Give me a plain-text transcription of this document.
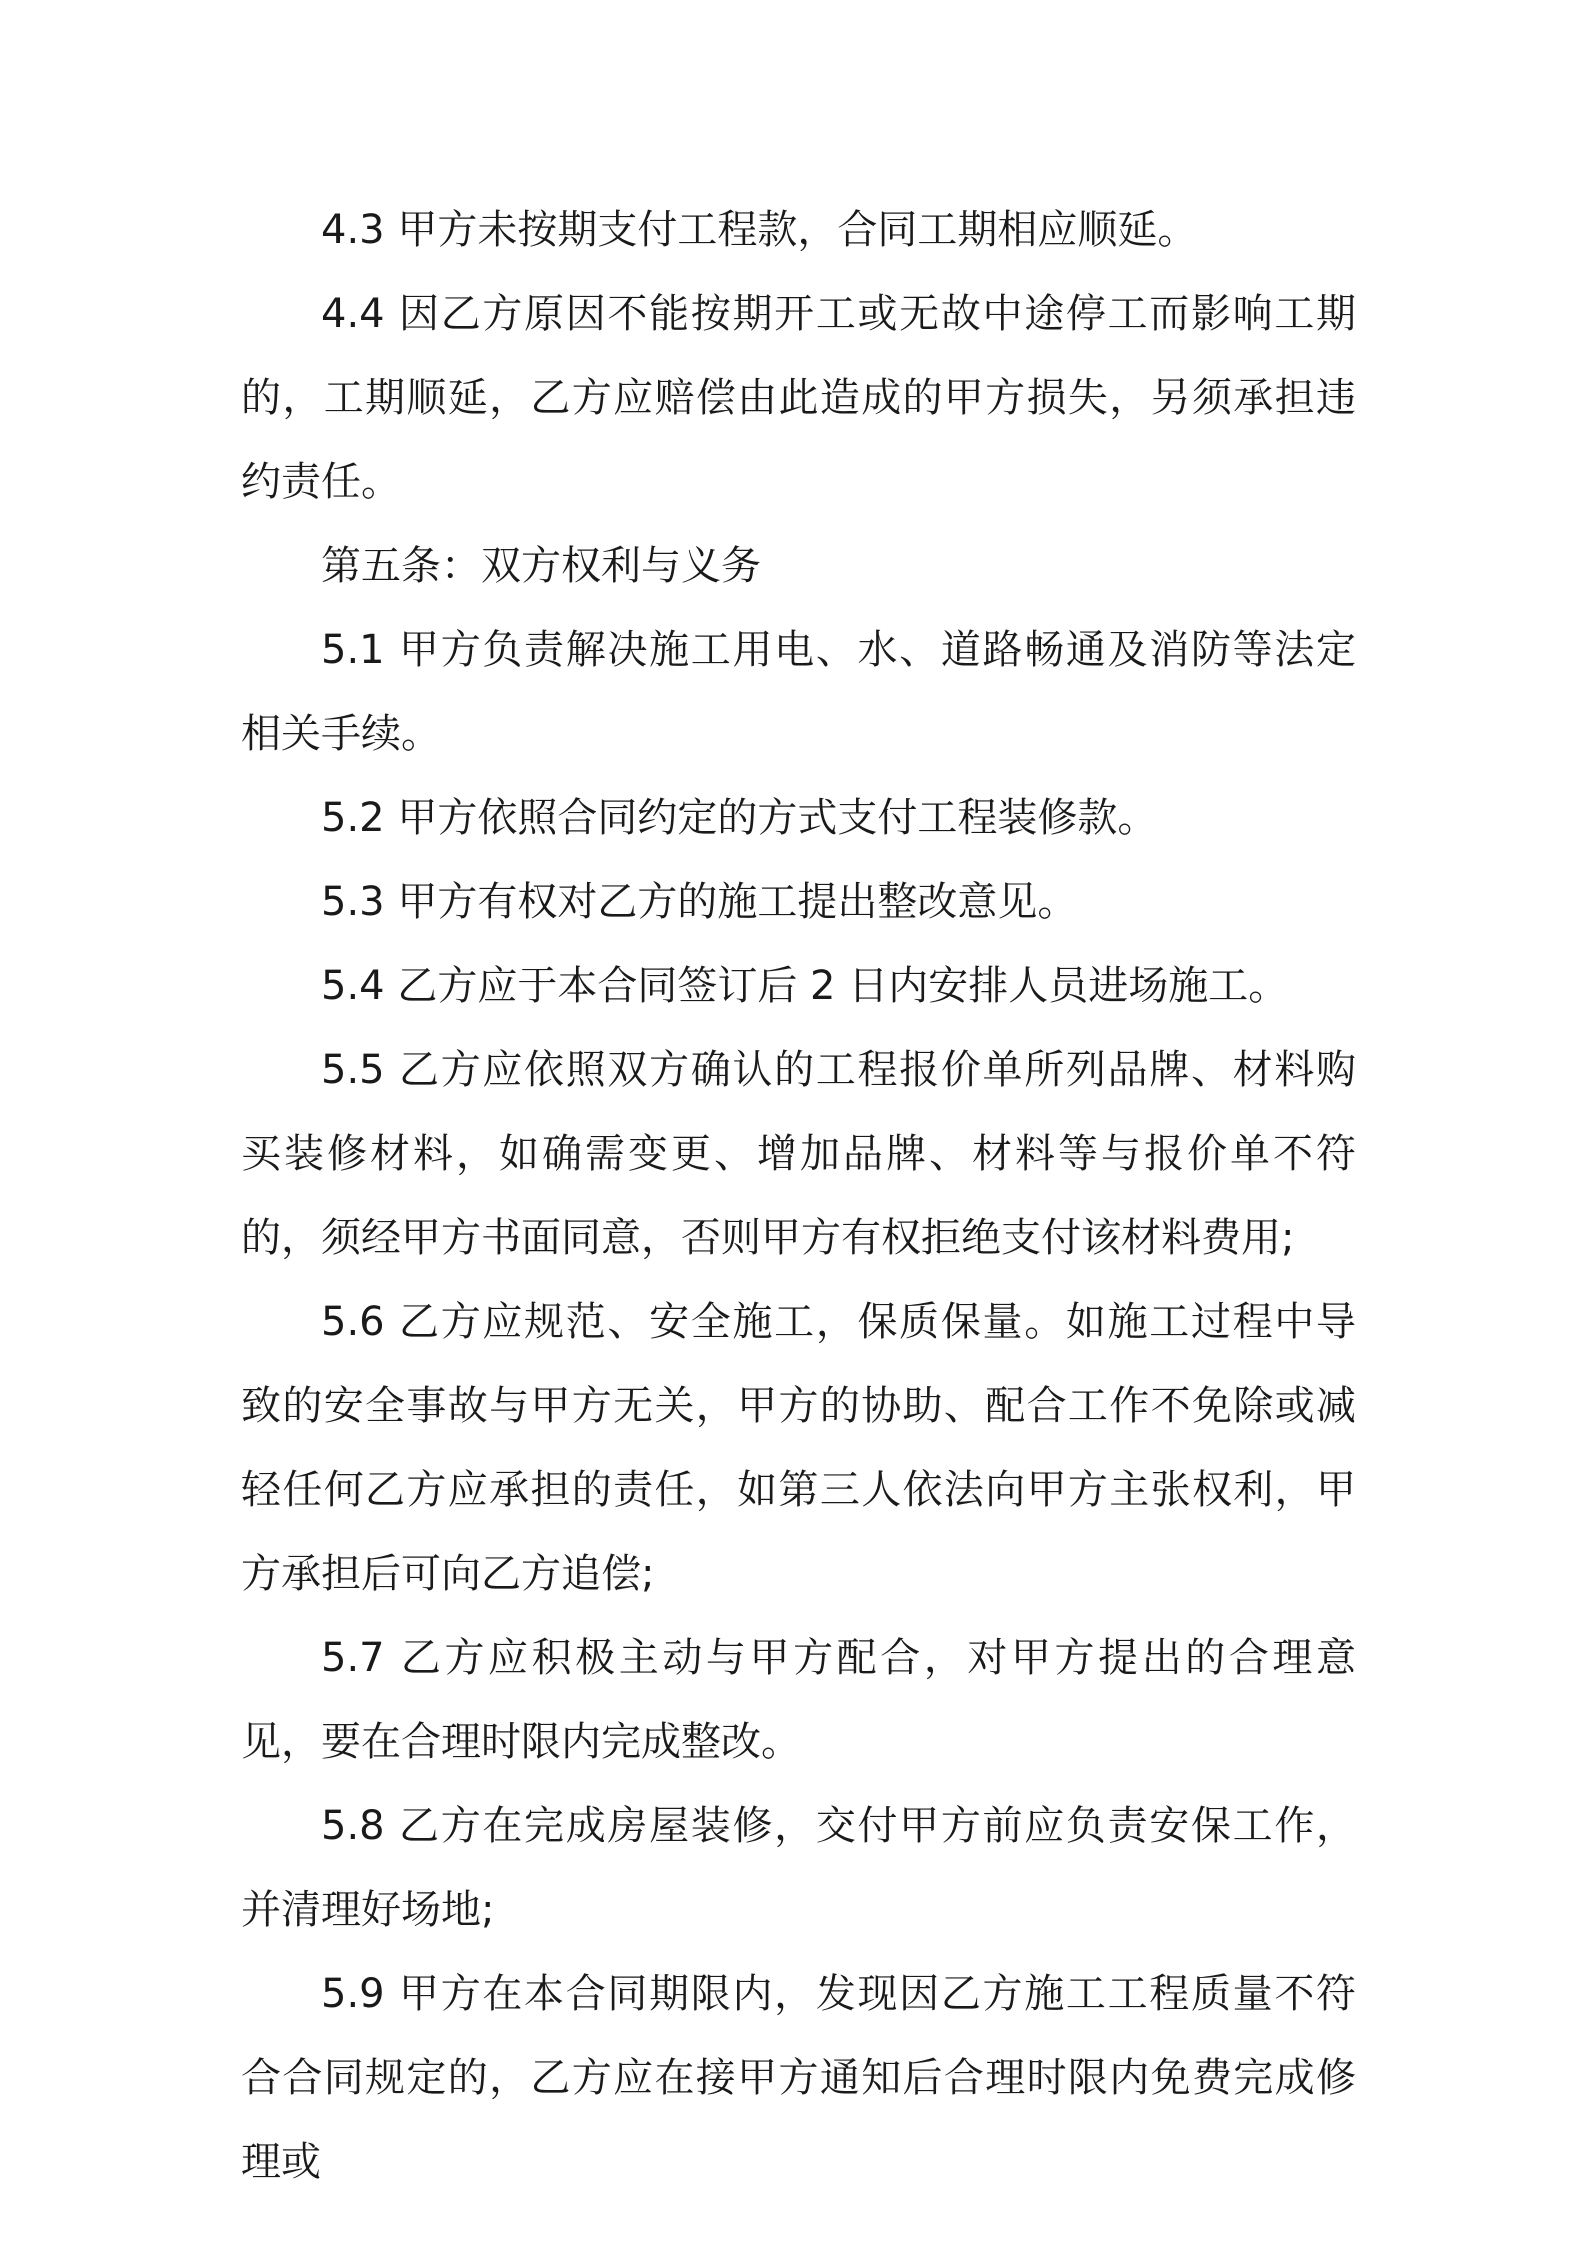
4.3 甲方未按期支付工程款，合同工期相应顺延。

4.4 因乙方原因不能按期开工或无故中途停工而影响工期的，工期顺延，乙方应赔偿由此造成的甲方损失，另须承担违约责任。

第五条：双方权利与义务

5.1 甲方负责解决施工用电、水、道路畅通及消防等法定相关手续。

5.2 甲方依照合同约定的方式支付工程装修款。

5.3 甲方有权对乙方的施工提出整改意见。

5.4 乙方应于本合同签订后 2 日内安排人员进场施工。

5.5 乙方应依照双方确认的工程报价单所列品牌、材料购买装修材料，如确需变更、增加品牌、材料等与报价单不符的，须经甲方书面同意，否则甲方有权拒绝支付该材料费用;

5.6 乙方应规范、安全施工，保质保量。如施工过程中导致的安全事故与甲方无关，甲方的协助、配合工作不免除或减轻任何乙方应承担的责任，如第三人依法向甲方主张权利，甲方承担后可向乙方追偿;

5.7 乙方应积极主动与甲方配合，对甲方提出的合理意见，要在合理时限内完成整改。

5.8 乙方在完成房屋装修，交付甲方前应负责安保工作，并清理好场地;

5.9 甲方在本合同期限内，发现因乙方施工工程质量不符合合同规定的，乙方应在接甲方通知后合理时限内免费完成修理或
